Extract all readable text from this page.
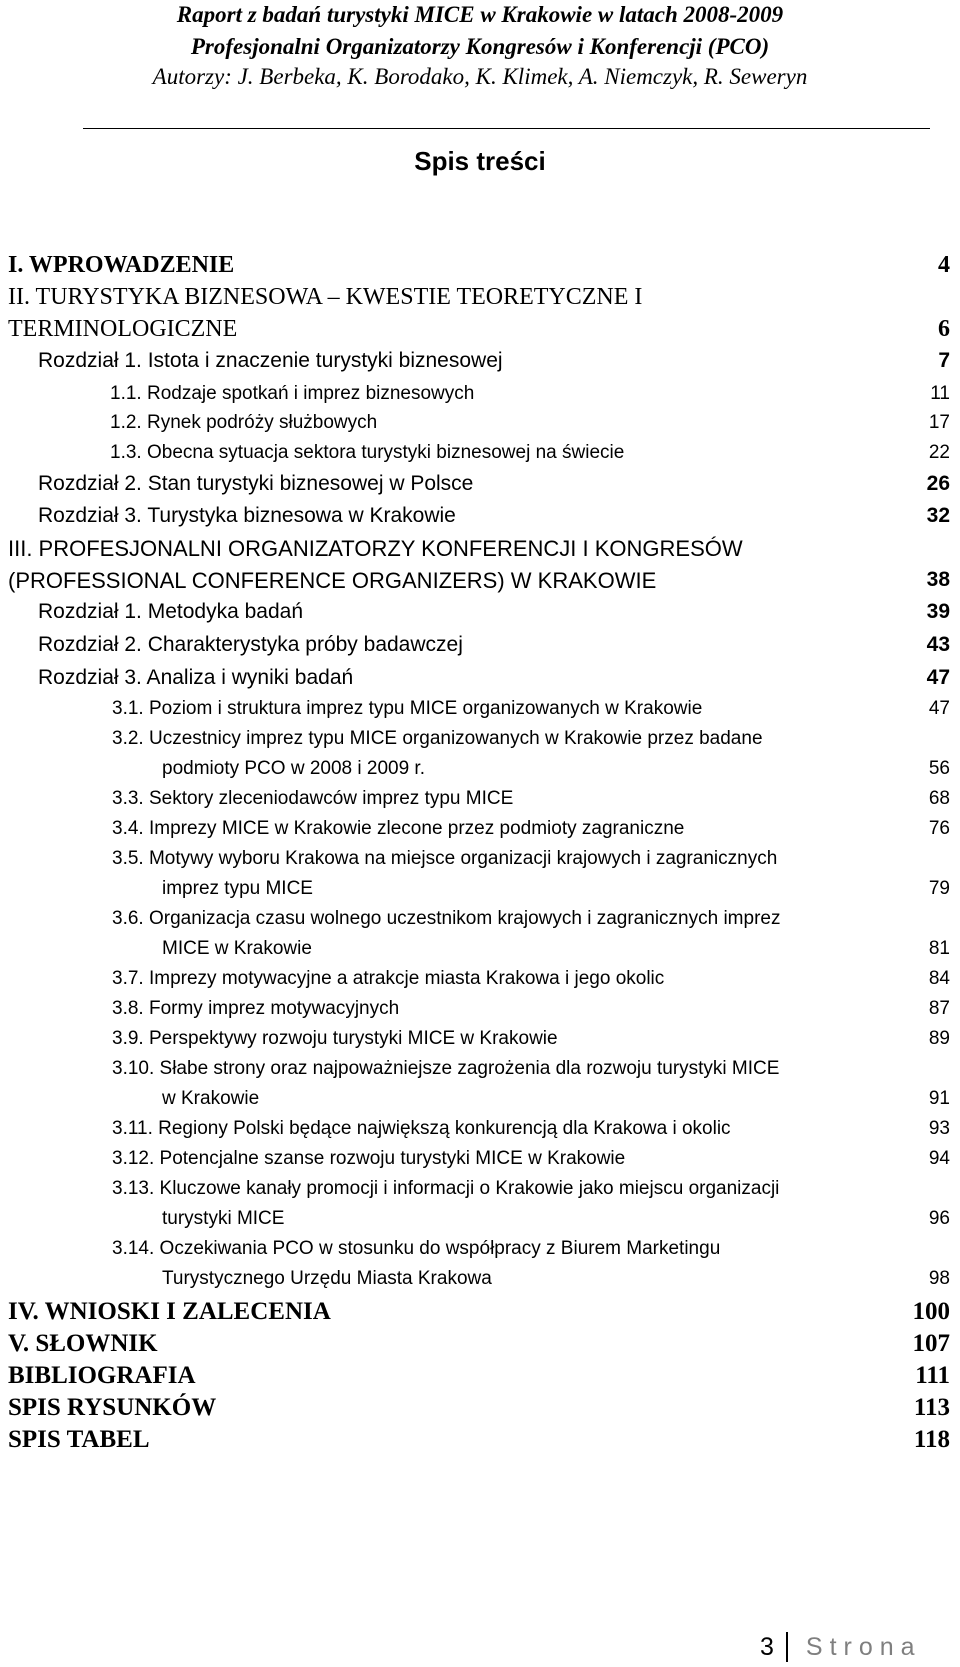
Raport z badań turystyki MICE w Krakowie w latach 2008-2009
Profesjonalni Organizatorzy Kongresów i Konferencji (PCO)
Autorzy: J. Berbeka, K. Borodako, K. Klimek, A. Niemczyk, R. Seweryn
Spis treści
I. WPROWADZENIE	4
II. TURYSTYKA BIZNESOWA – KWESTIE TEORETYCZNE I
TERMINOLOGICZNE	6
Rozdział 1. Istota i znaczenie turystyki biznesowej	7
1.1. Rodzaje spotkań i imprez biznesowych	11
1.2. Rynek podróży służbowych	17
1.3. Obecna sytuacja sektora turystyki biznesowej na świecie	22
Rozdział 2. Stan turystyki biznesowej w Polsce	26
Rozdział 3. Turystyka biznesowa w Krakowie	32
III. PROFESJONALNI ORGANIZATORZY KONFERENCJI I KONGRESÓW
(PROFESSIONAL CONFERENCE ORGANIZERS) W KRAKOWIE	38
Rozdział 1. Metodyka badań	39
Rozdział 2. Charakterystyka próby badawczej	43
Rozdział 3. Analiza i wyniki badań	47
3.1. Poziom i struktura imprez typu MICE organizowanych w Krakowie	47
3.2. Uczestnicy imprez typu MICE organizowanych w Krakowie przez badane
podmioty PCO w 2008 i 2009 r.	56
3.3. Sektory zleceniodawców imprez typu MICE	68
3.4. Imprezy MICE w Krakowie zlecone przez podmioty zagraniczne	76
3.5. Motywy wyboru Krakowa na miejsce organizacji krajowych i zagranicznych
imprez typu MICE	79
3.6. Organizacja czasu wolnego uczestnikom krajowych i zagranicznych imprez
MICE w Krakowie	81
3.7. Imprezy motywacyjne a atrakcje miasta Krakowa i jego okolic	84
3.8. Formy imprez motywacyjnych	87
3.9. Perspektywy rozwoju turystyki MICE w Krakowie	89
3.10. Słabe strony oraz najpoważniejsze zagrożenia dla rozwoju turystyki MICE
w Krakowie	91
3.11. Regiony Polski będące największą konkurencją dla Krakowa i okolic	93
3.12. Potencjalne szanse rozwoju turystyki MICE w Krakowie	94
3.13. Kluczowe kanały promocji i informacji o Krakowie jako miejscu organizacji
turystyki MICE	96
3.14. Oczekiwania PCO w stosunku do współpracy z Biurem Marketingu
Turystycznego Urzędu Miasta Krakowa	98
IV. WNIOSKI I ZALECENIA	100
V. SŁOWNIK	107
BIBLIOGRAFIA	111
SPIS RYSUNKÓW	113
SPIS TABEL	118
3 Strona
